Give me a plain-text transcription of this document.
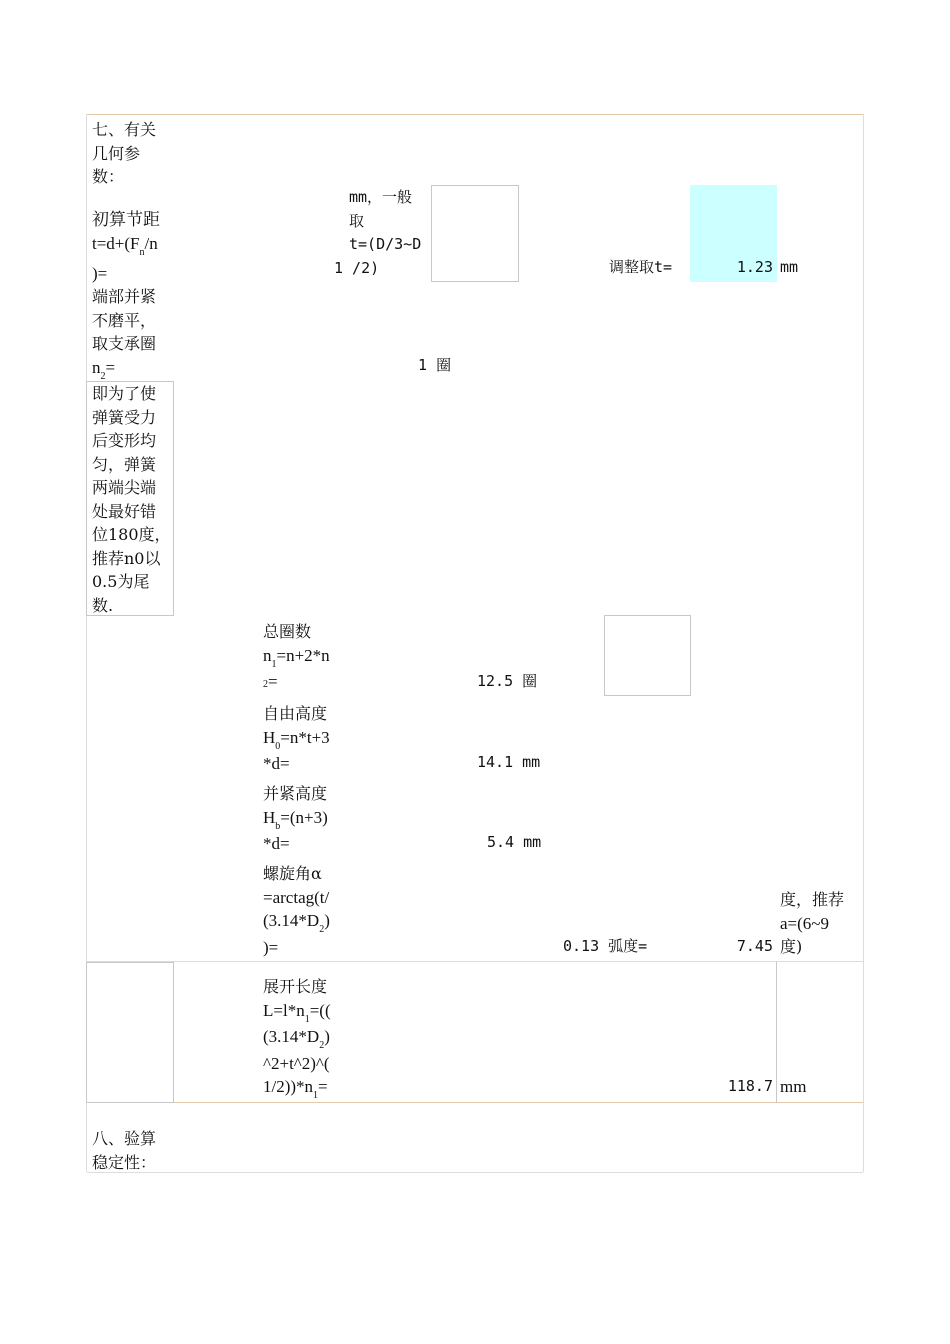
七、有关
几何参
数：
初算节距
$t=d+(F_n/n$
)=
mm，一般
取
t=(D/3~D
1 /2)	调整取t=	1.23 mm
端部并紧
不磨平，
取支承圈
$n_2=$	1 圈
即为了使
弹簧受力
后变形均
匀，弹簧
两端尖端
处最好错
位180度，
推荐n0以
0.5为尾
数.
总圈数
$n_1=n+2*n$
2=	12.5 圈
自由高度
$H_0=n*t+3$
*d=	14.1 mm
并紧高度
$H_b=(n+3)$
*d=	5.4 mm
螺旋角α
=arctag(t/
$(3.14*D_2)$
)=	0.13 弧度=	7.45
度，推荐
a=(6~9
度)
展开长度
$L=l*n_1=$((
$(3.14*D_2)$
^2+t^2)^(
$1/2))*n_1=$	118.7 mm
八、验算
稳定性：
